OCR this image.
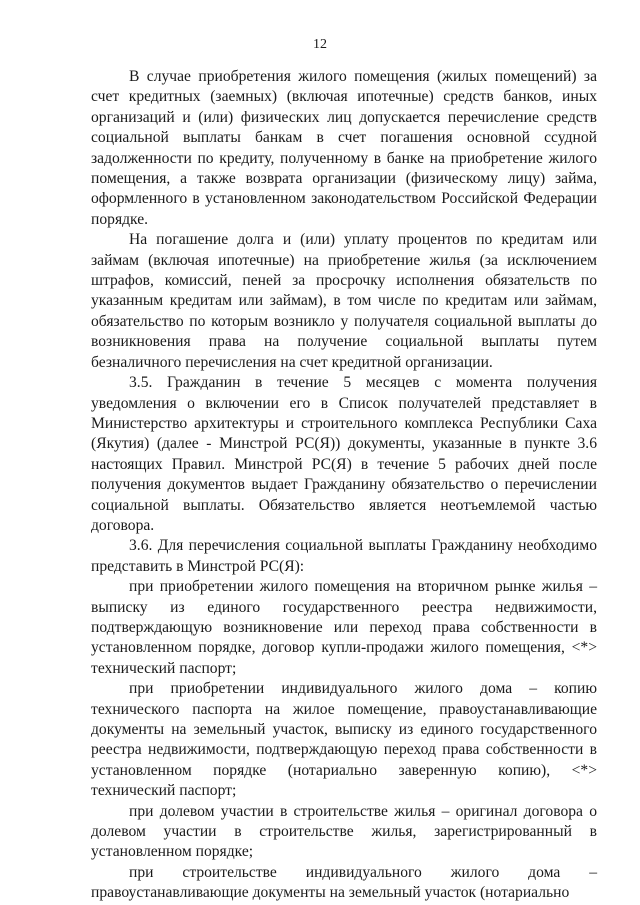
12

В случае приобретения жилого помещения (жилых помещений) за счет кредитных (заемных) (включая ипотечные) средств банков, иных организаций и (или) физических лиц допускается перечисление средств социальной выплаты банкам в счет погашения основной ссудной задолженности по кредиту, полученному в банке на приобретение жилого помещения, а также возврата организации (физическому лицу) займа, оформленного в установленном законодательством Российской Федерации порядке.

На погашение долга и (или) уплату процентов по кредитам или займам (включая ипотечные) на приобретение жилья (за исключением штрафов, комиссий, пеней за просрочку исполнения обязательств по указанным кредитам или займам), в том числе по кредитам или займам, обязательство по которым возникло у получателя социальной выплаты до возникновения права на получение социальной выплаты путем безналичного перечисления на счет кредитной организации.

3.5. Гражданин в течение 5 месяцев с момента получения уведомления о включении его в Список получателей представляет в Министерство архитектуры и строительного комплекса Республики Саха (Якутия) (далее - Минстрой РС(Я)) документы, указанные в пункте 3.6 настоящих Правил. Минстрой РС(Я) в течение 5 рабочих дней после получения документов выдает Гражданину обязательство о перечислении социальной выплаты. Обязательство является неотъемлемой частью договора.

3.6. Для перечисления социальной выплаты Гражданину необходимо представить в Минстрой РС(Я):

при приобретении жилого помещения на вторичном рынке жилья – выписку из единого государственного реестра недвижимости, подтверждающую возникновение или переход права собственности в установленном порядке, договор купли-продажи жилого помещения, <*> технический паспорт;

при приобретении индивидуального жилого дома – копию технического паспорта на жилое помещение, правоустанавливающие документы на земельный участок, выписку из единого государственного реестра недвижимости, подтверждающую переход права собственности в установленном порядке (нотариально заверенную копию), <*> технический паспорт;

при долевом участии в строительстве жилья – оригинал договора о долевом участии в строительстве жилья, зарегистрированный в установленном порядке;

при строительстве индивидуального жилого дома – правоустанавливающие документы на земельный участок (нотариально
